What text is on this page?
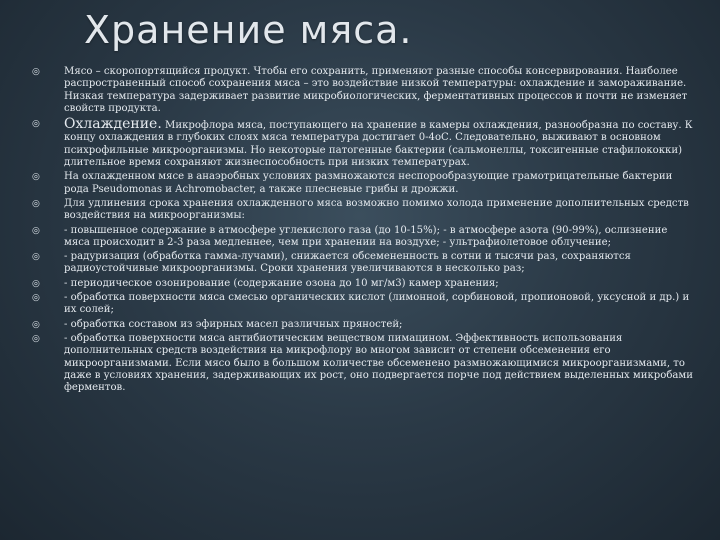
Хранение мяса.
◎ Мясо – скоропортящийся продукт. Чтобы его сохранить, применяют разные способы консервирования. Наиболее распространенный способ сохранения мяса – это воздействие низкой температуры: охлаждение и замораживание. Низкая температура задерживает развитие микробиологических, ферментативных процессов и почти не изменяет свойств продукта.
◎ Охлаждение. Микрофлора мяса, поступающего на хранение в камеры охлаждения, разнообразна по составу. К концу охлаждения в глубоких слоях мяса температура достигает 0-4оС. Следовательно, выживают в основном психрофильные микроорганизмы. Но некоторые патогенные бактерии (сальмонеллы, токсигенные стафилококки) длительное время сохраняют жизнеспособность при низких температурах.
◎ На охлажденном мясе в анаэробных условиях размножаются неспорообразующие грамотрицательные бактерии рода Pseudomonas и Achromobacter, а также плесневые грибы и дрожжи.
◎ Для удлинения срока хранения охлажденного мяса возможно помимо холода применение дополнительных средств воздействия на микроорганизмы:
◎ - повышенное содержание в атмосфере углекислого газа (до 10-15%); - в атмосфере азота (90-99%), ослизнение мяса происходит в 2-3 раза медленнее, чем при хранении на воздухе; - ультрафиолетовое облучение;
◎ - радуризация (обработка гамма-лучами), снижается обсемененность в сотни и тысячи раз, сохраняются радиоустойчивые микроорганизмы. Сроки хранения увеличиваются в несколько раз;
◎ - периодическое озонирование (содержание озона до 10 мг/м3) камер хранения;
◎ - обработка поверхности мяса смесью органических кислот (лимонной, сорбиновой, пропионовой, уксусной и др.) и их солей;
◎ - обработка составом из эфирных масел различных пряностей;
◎ - обработка поверхности мяса антибиотическим веществом пимацином. Эффективность использования дополнительных средств воздействия на микрофлору во многом зависит от степени обсеменения его микроорганизмами. Если мясо было в большом количестве обсеменено размножающимися микроорганизмами, то даже в условиях хранения, задерживающих их рост, оно подвергается порче под действием выделенных микробами ферментов.
